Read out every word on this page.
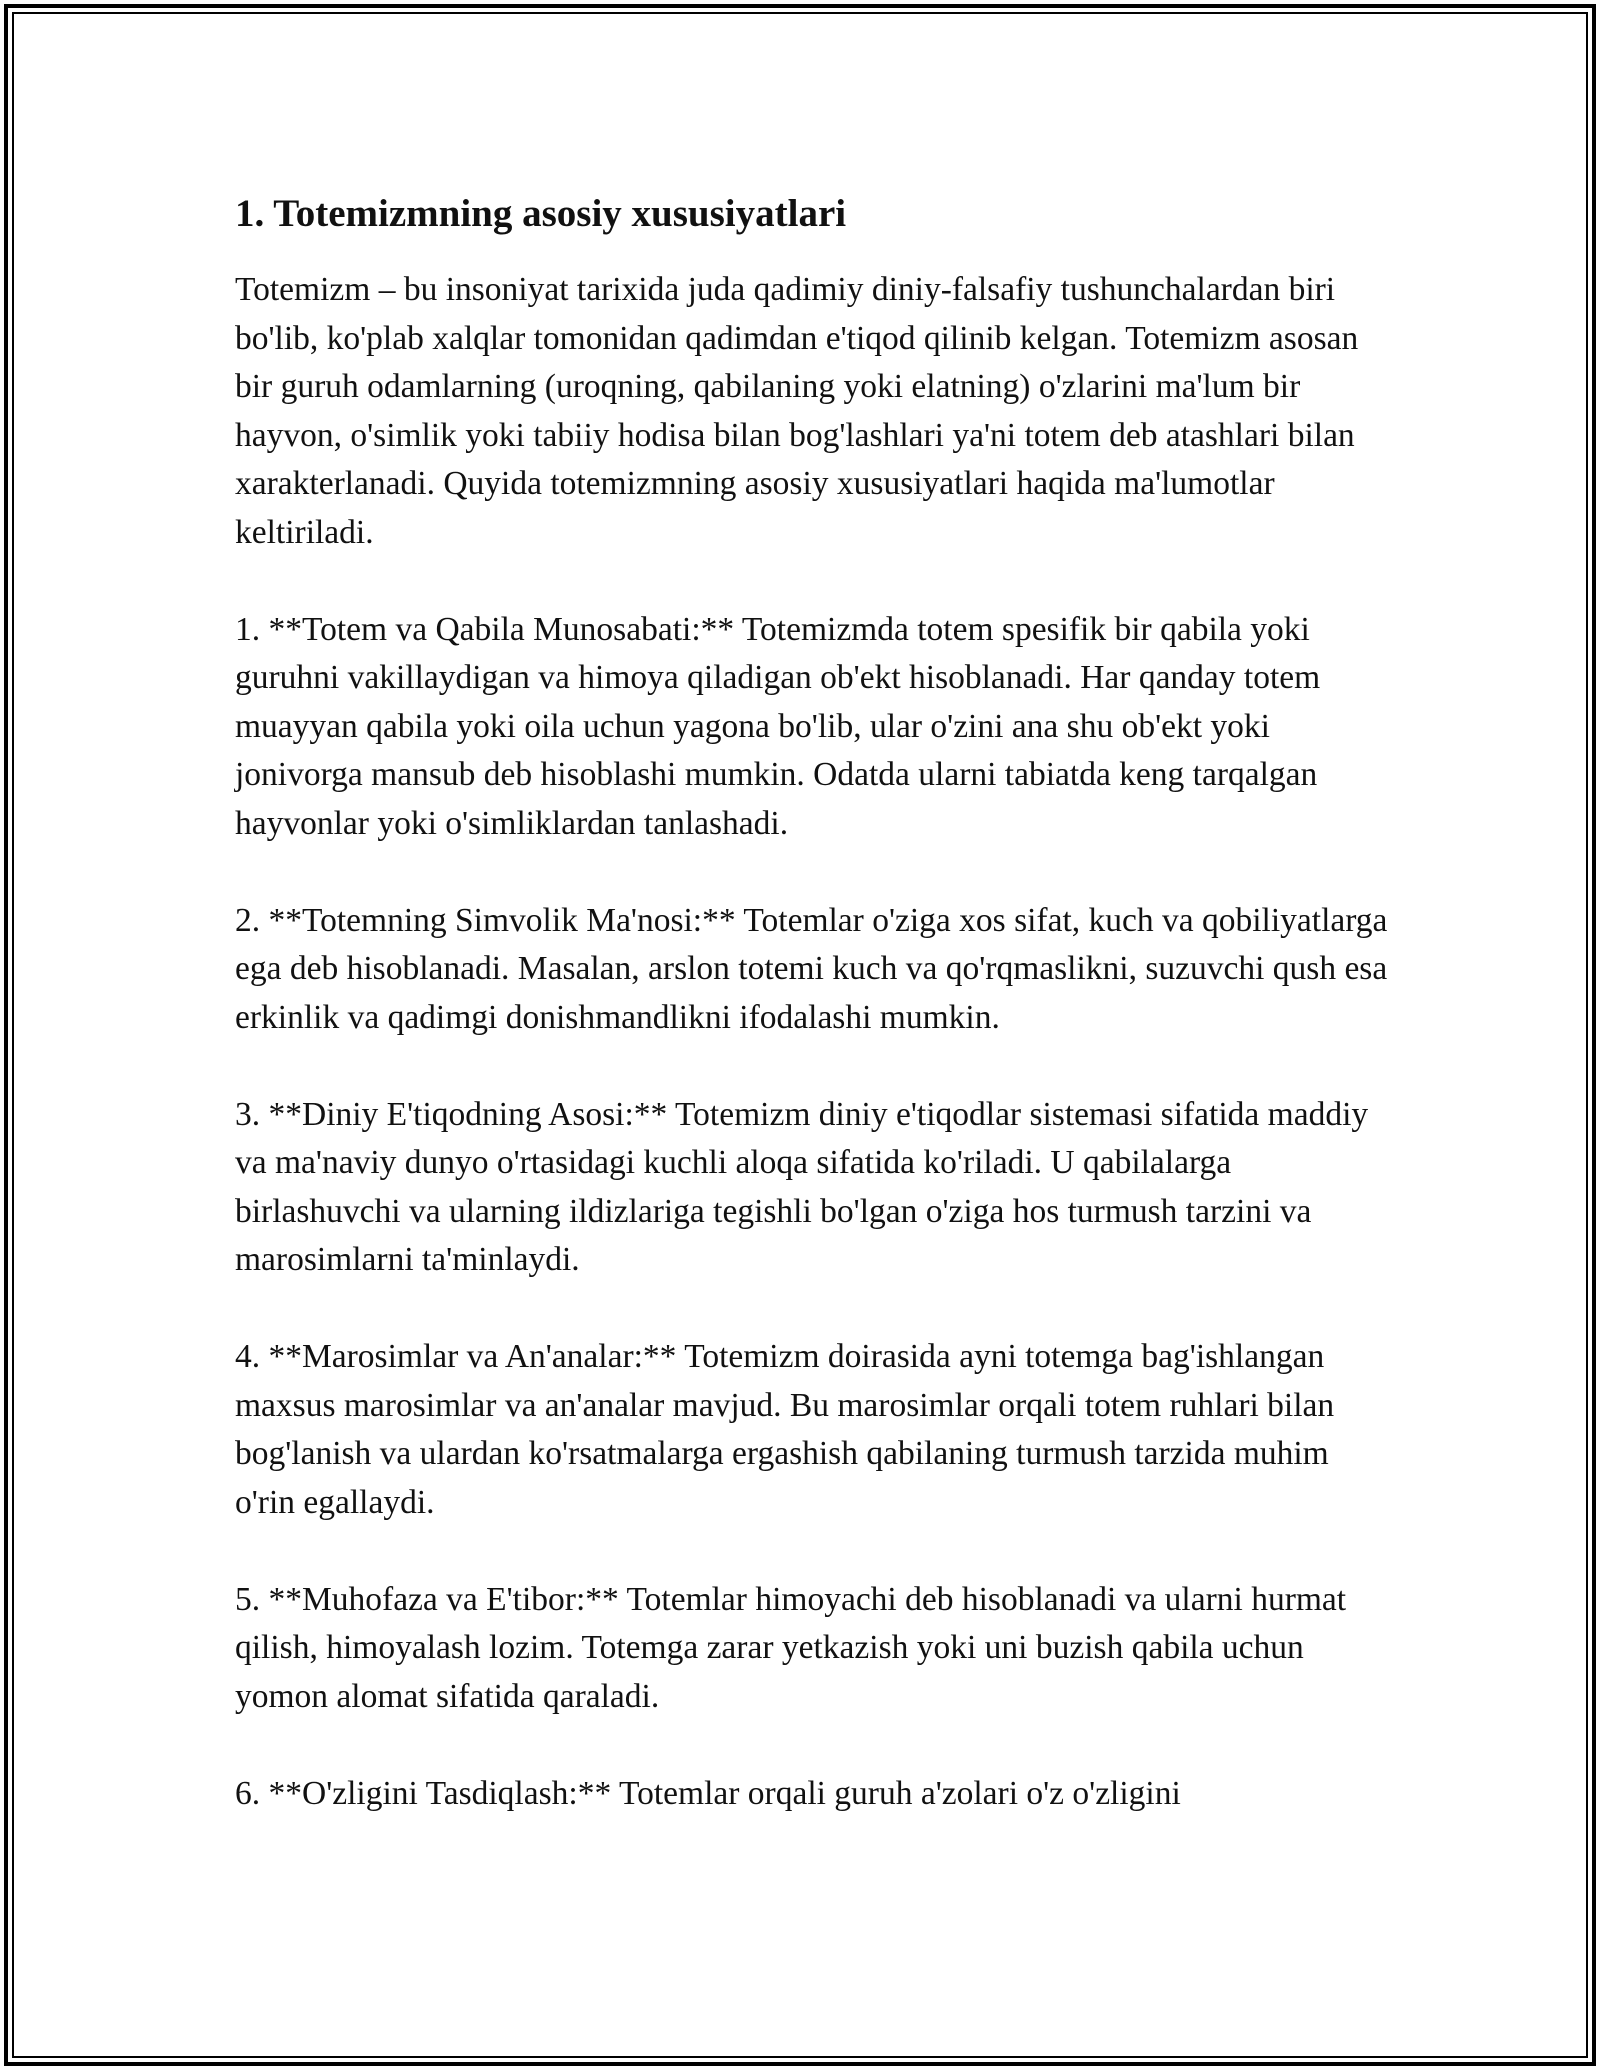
1. Totemizmning asosiy xususiyatlari

Totemizm – bu insoniyat tarixida juda qadimiy diniy-falsafiy tushunchalardan biri bo'lib, ko'plab xalqlar tomonidan qadimdan e'tiqod qilinib kelgan. Totemizm asosan bir guruh odamlarning (uroqning, qabilaning yoki elatning) o'zlarini ma'lum bir hayvon, o'simlik yoki tabiiy hodisa bilan bog'lashlari ya'ni totem deb atashlari bilan xarakterlanadi. Quyida totemizmning asosiy xususiyatlari haqida ma'lumotlar keltiriladi.

1. **Totem va Qabila Munosabati:** Totemizmda totem spesifik bir qabila yoki guruhni vakillaydigan va himoya qiladigan ob'ekt hisoblanadi. Har qanday totem muayyan qabila yoki oila uchun yagona bo'lib, ular o'zini ana shu ob'ekt yoki jonivorga mansub deb hisoblashi mumkin. Odatda ularni tabiatda keng tarqalgan hayvonlar yoki o'simliklardan tanlashadi.

2. **Totemning Simvolik Ma'nosi:** Totemlar o'ziga xos sifat, kuch va qobiliyatlarga ega deb hisoblanadi. Masalan, arslon totemi kuch va qo'rqmaslikni, suzuvchi qush esa erkinlik va qadimgi donishmandlikni ifodalashi mumkin.

3. **Diniy E'tiqodning Asosi:** Totemizm diniy e'tiqodlar sistemasi sifatida maddiy va ma'naviy dunyo o'rtasidagi kuchli aloqa sifatida ko'riladi. U qabilalarga birlashuvchi va ularning ildizlariga tegishli bo'lgan o'ziga hos turmush tarzini va marosimlarni ta'minlaydi.

4. **Marosimlar va An'analar:** Totemizm doirasida ayni totemga bag'ishlangan maxsus marosimlar va an'analar mavjud. Bu marosimlar orqali totem ruhlari bilan bog'lanish va ulardan ko'rsatmalarga ergashish qabilaning turmush tarzida muhim o'rin egallaydi.

5. **Muhofaza va E'tibor:** Totemlar himoyachi deb hisoblanadi va ularni hurmat qilish, himoyalash lozim. Totemga zarar yetkazish yoki uni buzish qabila uchun yomon alomat sifatida qaraladi.

6. **O'zligini Tasdiqlash:** Totemlar orqali guruh a'zolari o'z o'zligini
